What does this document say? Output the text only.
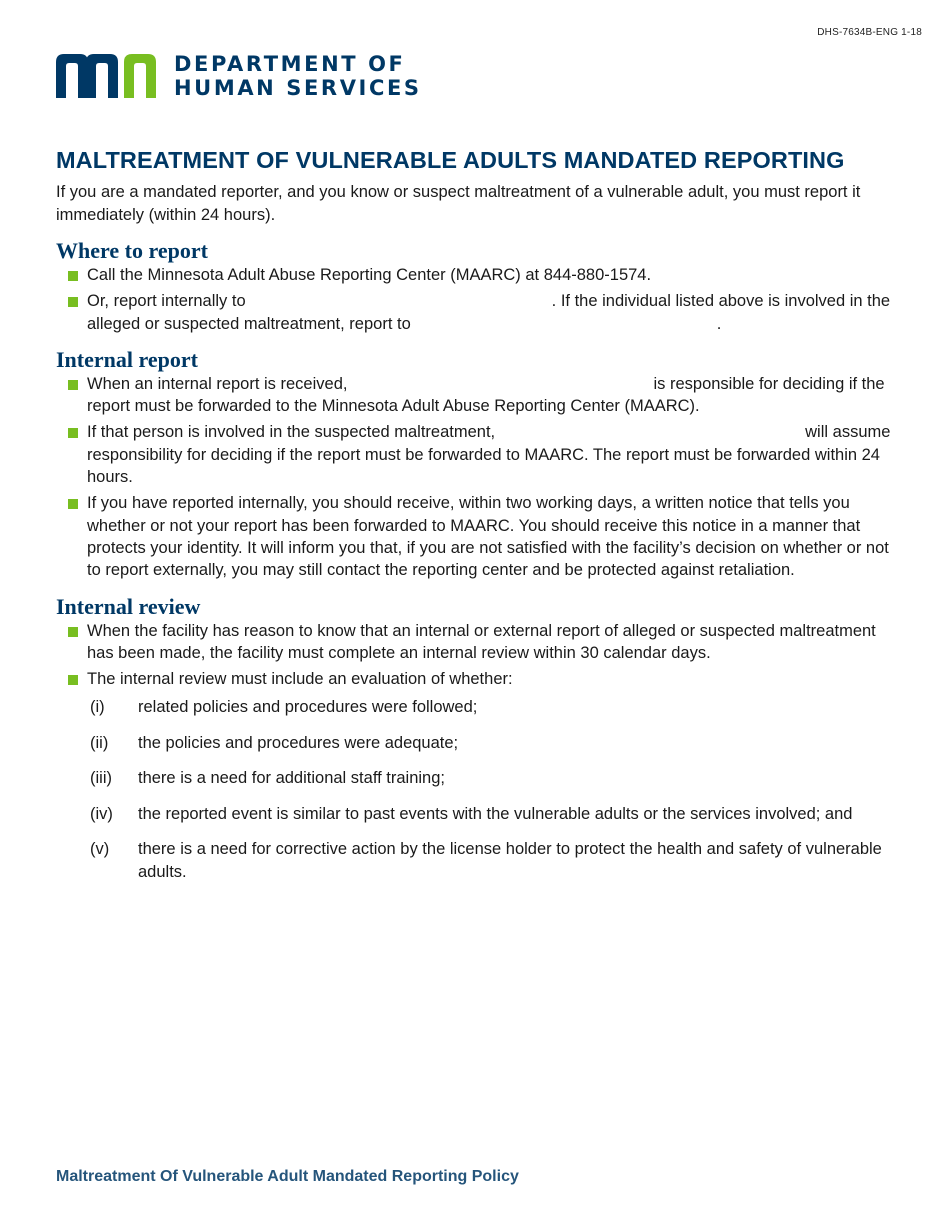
DHS-7634B-ENG 1-18
DEPARTMENT OF
HUMAN SERVICES
MALTREATMENT OF VULNERABLE ADULTS MANDATED REPORTING

If you are a mandated reporter, and you know or suspect maltreatment of a vulnerable adult, you must report it immediately (within 24 hours).

Where to report
Call the Minnesota Adult Abuse Reporting Center (MAARC) at 844-880-1574.
Or, report internally to	. If the individual listed above is involved in the alleged or suspected maltreatment, report to	.
Internal report
When an internal report is received,	is responsible for deciding if the report must be forwarded to the Minnesota Adult Abuse Reporting Center (MAARC).
If that person is involved in the suspected maltreatment,	will assume responsibility for deciding if the report must be forwarded to MAARC. The report must be forwarded within 24 hours.
If you have reported internally, you should receive, within two working days, a written notice that tells you whether or not your report has been forwarded to MAARC. You should receive this notice in a manner that protects your identity. It will inform you that, if you are not satisfied with the facility’s decision on whether or not to report externally, you may still contact the reporting center and be protected against retaliation.
Internal review
When the facility has reason to know that an internal or external report of alleged or suspected maltreatment has been made, the facility must complete an internal review within 30 calendar days.
The internal review must include an evaluation of whether:
(i)	related policies and procedures were followed;
(ii)	the policies and procedures were adequate;
(iii)	there is a need for additional staff training;
(iv)	the reported event is similar to past events with the vulnerable adults or the services involved; and
(v)	there is a need for corrective action by the license holder to protect the health and safety of vulnerable adults.
Maltreatment Of Vulnerable Adult Mandated Reporting Policy
